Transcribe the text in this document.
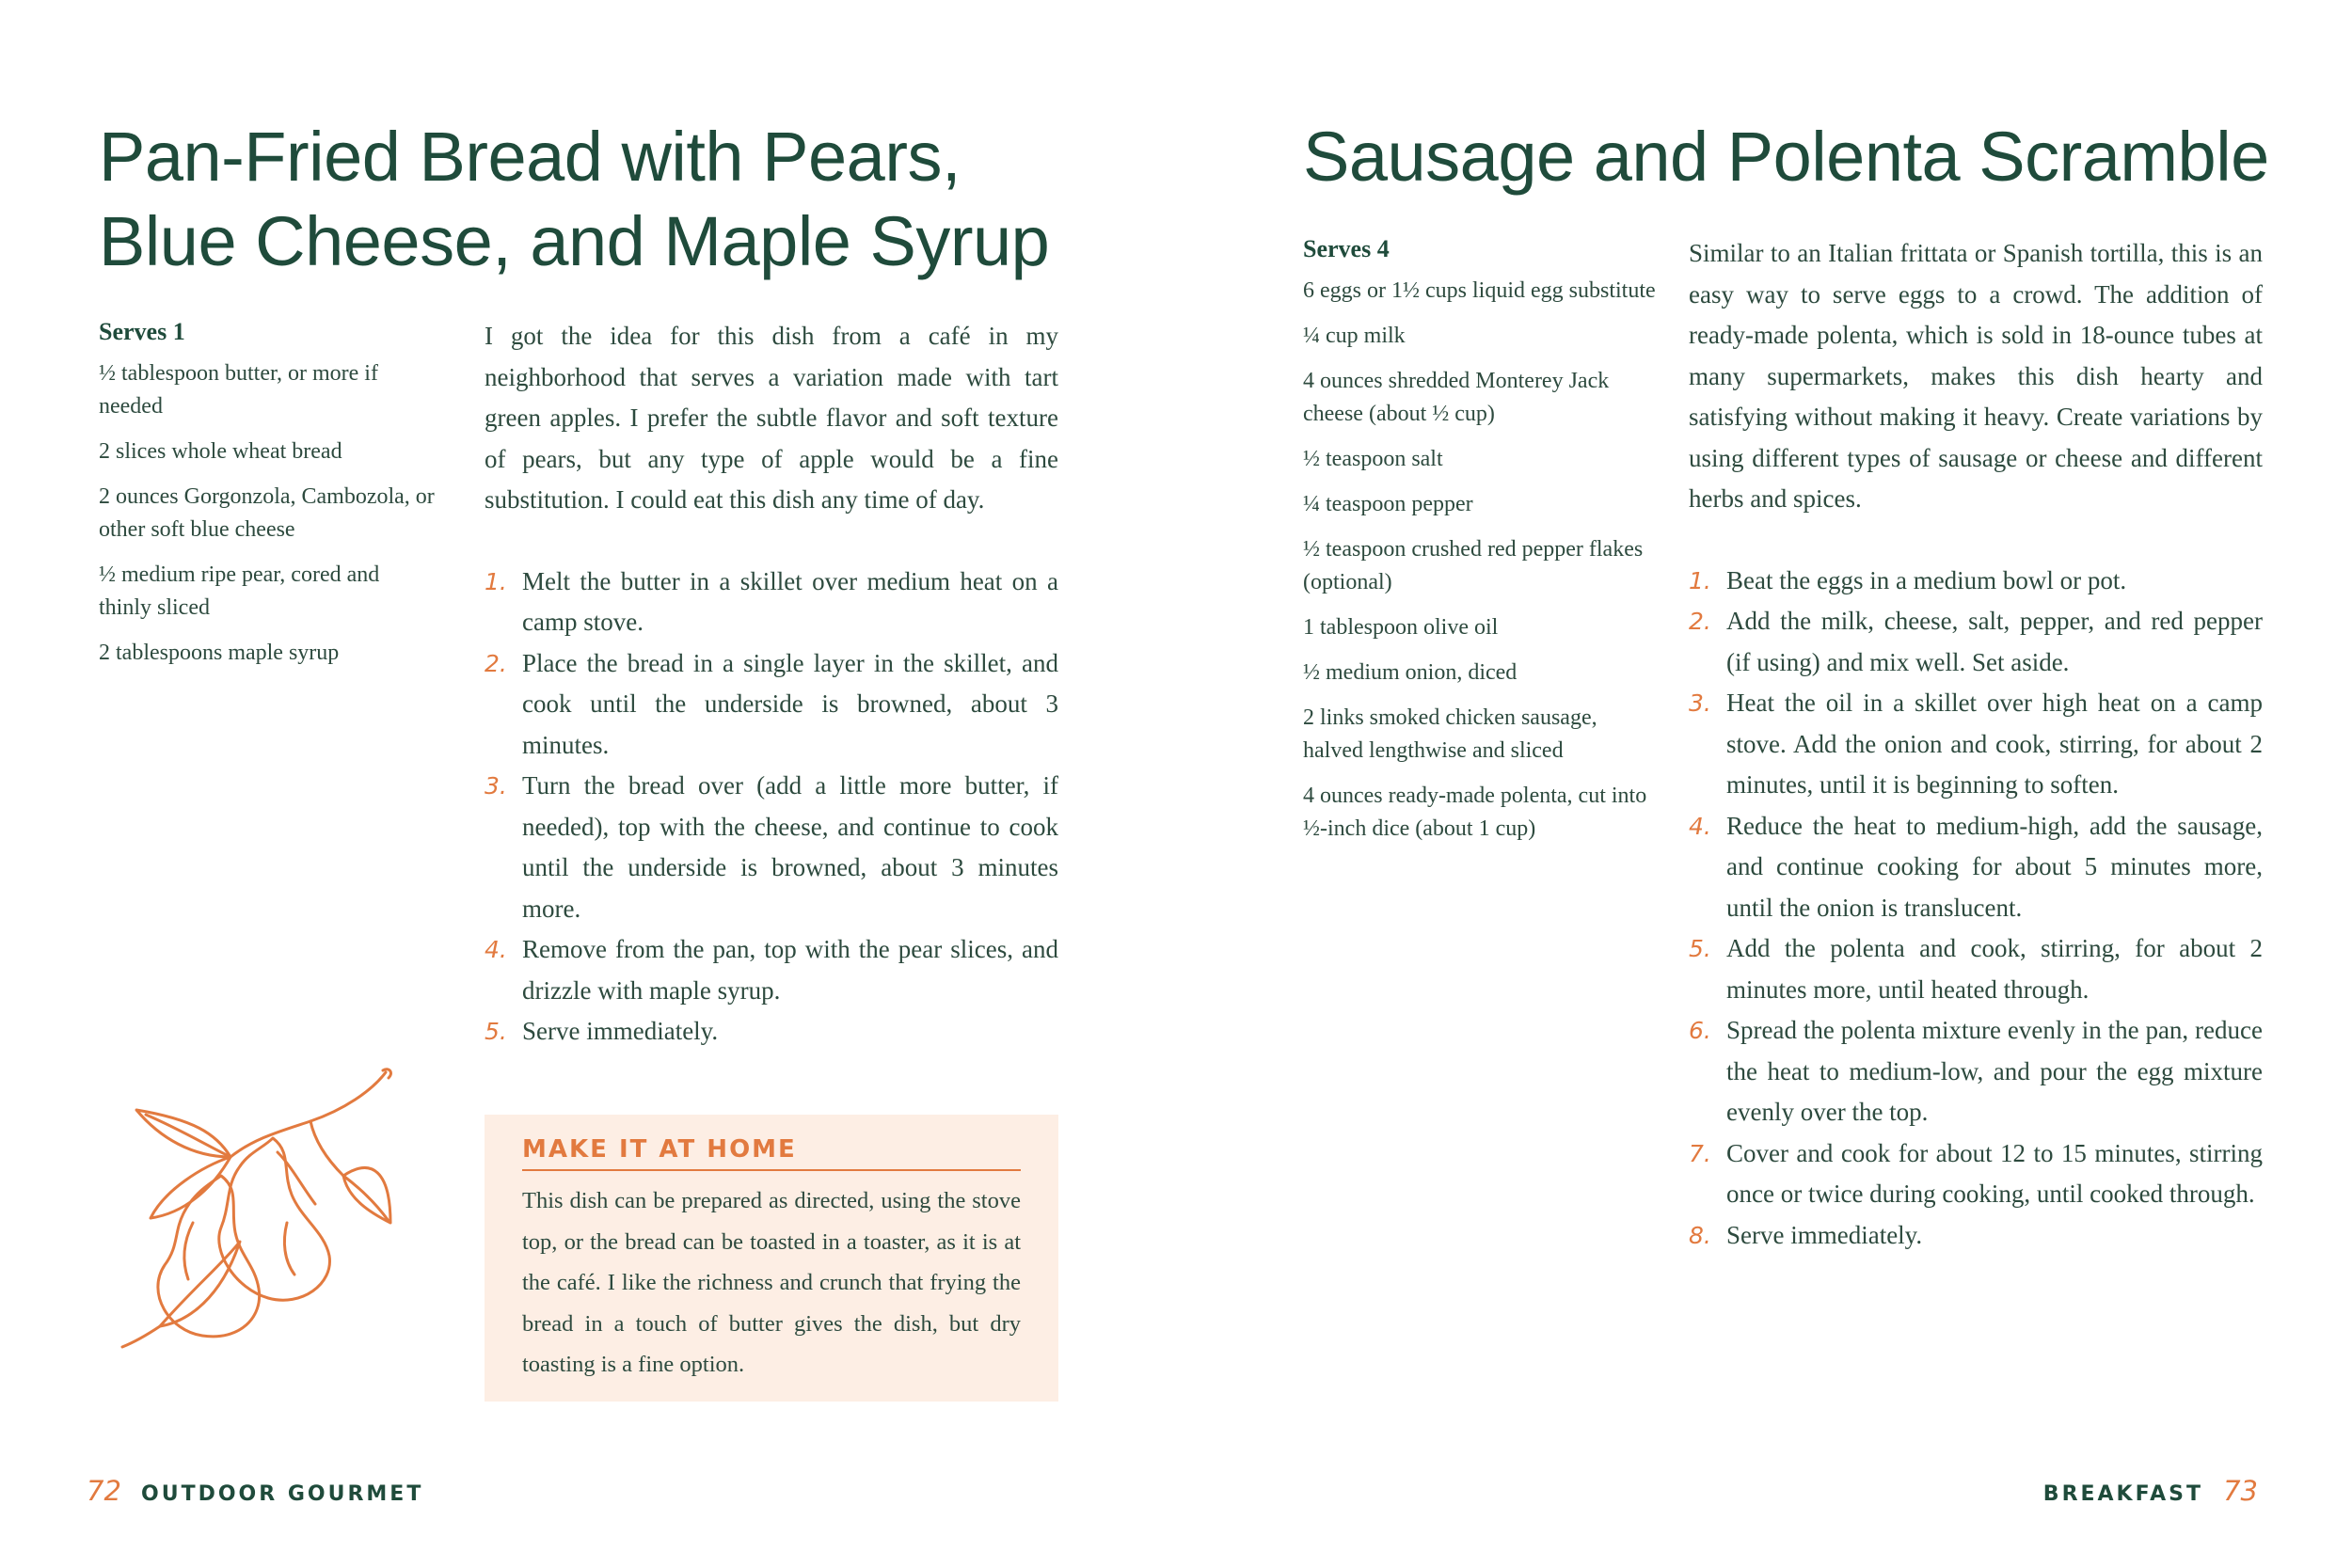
Pan-Fried Bread with Pears,
Blue Cheese, and Maple Syrup
Serves 1
½ tablespoon butter, or more if needed
2 slices whole wheat bread
2 ounces Gorgonzola, Cambozola, or other soft blue cheese
½ medium ripe pear, cored and thinly sliced
2 tablespoons maple syrup

I got the idea for this dish from a café in my neighborhood that serves a variation made with tart green apples. I prefer the subtle flavor and soft texture of pears, but any type of apple would be a fine substitution. I could eat this dish any time of day.

1. Melt the butter in a skillet over medium heat on a camp stove.
2. Place the bread in a single layer in the skillet, and cook until the underside is browned, about 3 minutes.
3. Turn the bread over (add a little more butter, if needed), top with the cheese, and continue to cook until the underside is browned, about 3 minutes more.
4. Remove from the pan, top with the pear slices, and drizzle with maple syrup.
5. Serve immediately.
MAKE IT AT HOME

This dish can be prepared as directed, using the stove top, or the bread can be toasted in a toaster, as it is at the café. I like the richness and crunch that frying the bread in a touch of butter gives the dish, but dry toasting is a fine option.

72 OUTDOOR GOURMET
Sausage and Polenta Scramble
Serves 4
6 eggs or 1½ cups liquid egg substitute
¼ cup milk
4 ounces shredded Monterey Jack cheese (about ½ cup)
½ teaspoon salt
¼ teaspoon pepper
½ teaspoon crushed red pepper flakes (optional)
1 tablespoon olive oil
½ medium onion, diced
2 links smoked chicken sausage, halved lengthwise and sliced
4 ounces ready-made polenta, cut into ½-inch dice (about 1 cup)

Similar to an Italian frittata or Spanish tortilla, this is an easy way to serve eggs to a crowd. The addition of ready-made polenta, which is sold in 18-ounce tubes at many supermarkets, makes this dish hearty and satisfying without making it heavy. Create variations by using different types of sausage or cheese and different herbs and spices.

1. Beat the eggs in a medium bowl or pot.
2. Add the milk, cheese, salt, pepper, and red pepper (if using) and mix well. Set aside.
3. Heat the oil in a skillet over high heat on a camp stove. Add the onion and cook, stirring, for about 2 minutes, until it is beginning to soften.
4. Reduce the heat to medium-high, add the sausage, and continue cooking for about 5 minutes more, until the onion is translucent.
5. Add the polenta and cook, stirring, for about 2 minutes more, until heated through.
6. Spread the polenta mixture evenly in the pan, reduce the heat to medium-low, and pour the egg mixture evenly over the top.
7. Cover and cook for about 12 to 15 minutes, stirring once or twice during cooking, until cooked through.
8. Serve immediately.
BREAKFAST 73
